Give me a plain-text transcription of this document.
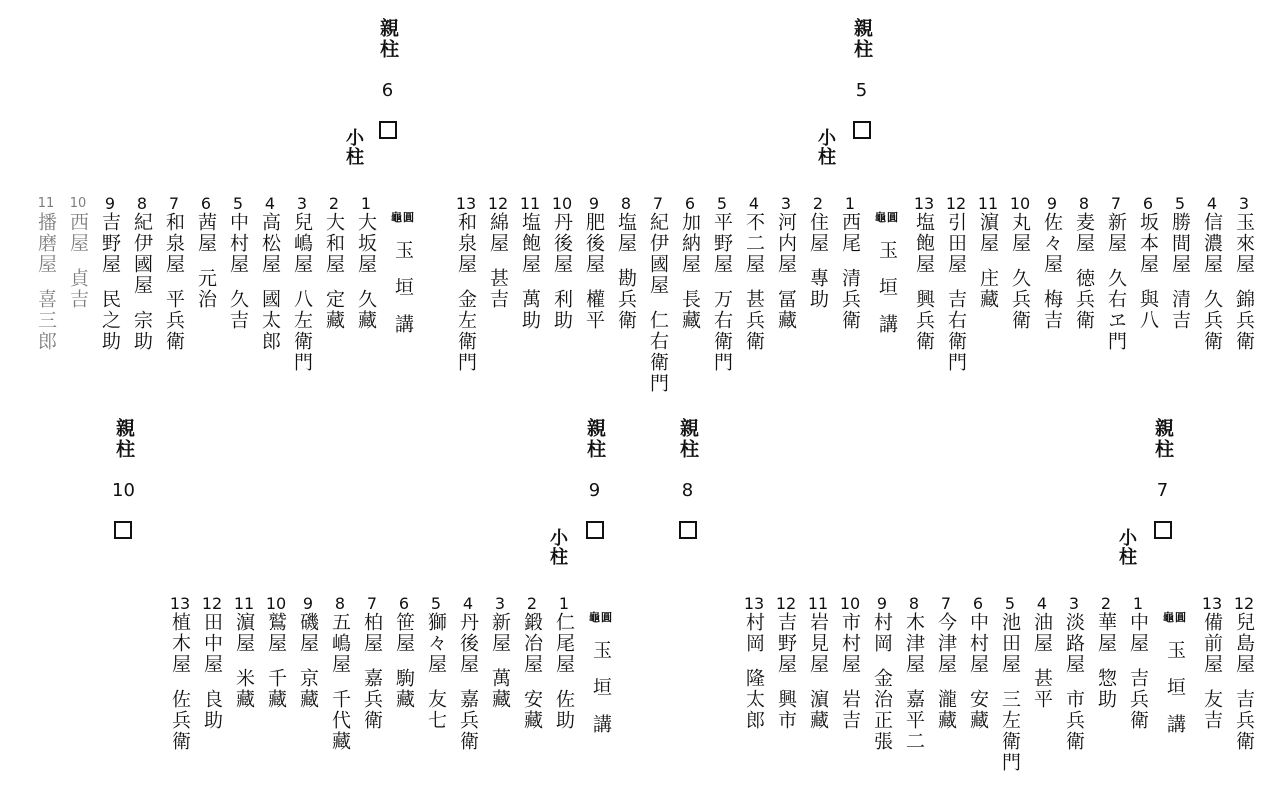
親柱
6
小柱
親柱
5
小柱
龜圓
玉垣講
1
大坂屋
久藏
2
大和屋
定藏
3
兒嶋屋
八左衛門
4
高松屋
國太郎
5
中村屋
久吉
6
茜屋
元治
7
和泉屋
平兵衛
8
紀伊國屋
宗助
9
吉野屋
民之助
10
西屋
貞吉
11
播磨屋
喜三郎
3
玉來屋
錦兵衛
4
信濃屋
久兵衛
5
勝間屋
清吉
6
坂本屋
與八
7
新屋
久右ヱ門
8
麦屋
徳兵衛
9
佐々屋
梅吉
10
丸屋
久兵衛
11
濵屋
庄藏
12
引田屋
吉右衛門
13
塩飽屋
興兵衛
龜圓
玉垣講
1
西尾
清兵衛
2
住屋
專助
3
河内屋
冨藏
4
不二屋
甚兵衛
5
平野屋
万右衛門
6
加納屋
長藏
7
紀伊國屋
仁右衛門
8
塩屋
勘兵衛
9
肥後屋
權平
10
丹後屋
利助
11
塩飽屋
萬助
12
綿屋
甚吉
13
和泉屋
金左衛門
親柱
10
親柱
9
小柱
親柱
8
親柱
7
小柱
龜圓
玉垣講
1
仁尾屋
佐助
2
鍛冶屋
安藏
3
新屋
萬藏
4
丹後屋
嘉兵衛
5
獅々屋
友七
6
笹屋
駒藏
7
柏屋
嘉兵衛
8
五嶋屋
千代藏
9
磯屋
京藏
10
鷲屋
千藏
11
濵屋
米藏
12
田中屋
良助
13
植木屋
佐兵衛
12
兒島屋
吉兵衛
13
備前屋
友吉
龜圓
玉垣講
1
中屋
吉兵衛
2
華屋
惣助
3
淡路屋
市兵衛
4
油屋
甚平
5
池田屋
三左衛門
6
中村屋
安藏
7
今津屋
瀧藏
8
木津屋
嘉平二
9
村岡
金治正張
10
市村屋
岩吉
11
岩見屋
濵藏
12
吉野屋
興市
13
村岡
隆太郎
